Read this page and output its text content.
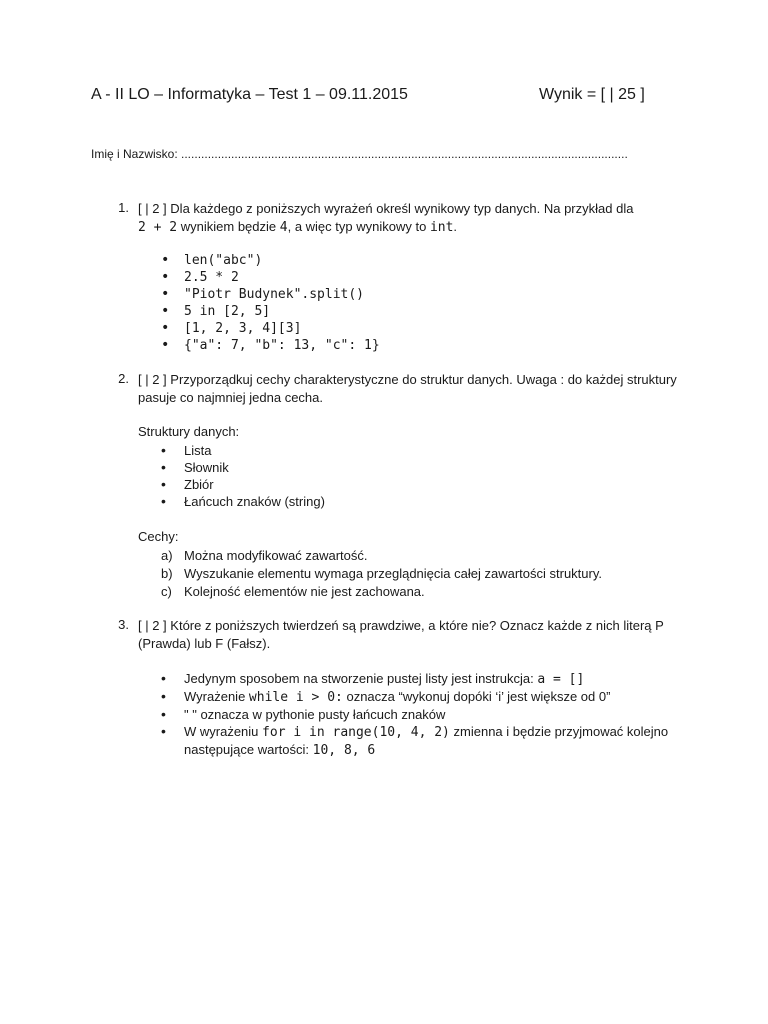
A - II LO – Informatyka – Test 1 – 09.11.2015	Wynik = [ | 25 ]
Imię i Nazwisko: ......................................................................................................................................
1. [ | 2 ] Dla każdego z poniższych wyrażeń określ wynikowy typ danych. Na przykład dla
2 + 2 wynikiem będzie 4, a więc typ wynikowy to int.
• len("abc")
• 2.5 * 2
• "Piotr Budynek".split()
• 5 in [2, 5]
• [1, 2, 3, 4][3]
• {"a": 7, "b": 13, "c": 1}
2. [ | 2 ] Przyporządkuj cechy charakterystyczne do struktur danych. Uwaga : do każdej struktury pasuje co najmniej jedna cecha.
Struktury danych:
• Lista
• Słownik
• Zbiór
• Łańcuch znaków (string)
Cechy:
a) Można modyfikować zawartość.
b) Wyszukanie elementu wymaga przeglądnięcia całej zawartości struktury.
c) Kolejność elementów nie jest zachowana.
3. [ | 2 ] Które z poniższych twierdzeń są prawdziwe, a które nie? Oznacz każde z nich literą P (Prawda) lub F (Fałsz).
• Jedynym sposobem na stworzenie pustej listy jest instrukcja: a = []
• Wyrażenie while i > 0: oznacza “wykonuj dopóki ‘i’ jest większe od 0”
• " " oznacza w pythonie pusty łańcuch znaków
• W wyrażeniu for i in range(10, 4, 2) zmienna i będzie przyjmować kolejno
następujące wartości: 10, 8, 6
